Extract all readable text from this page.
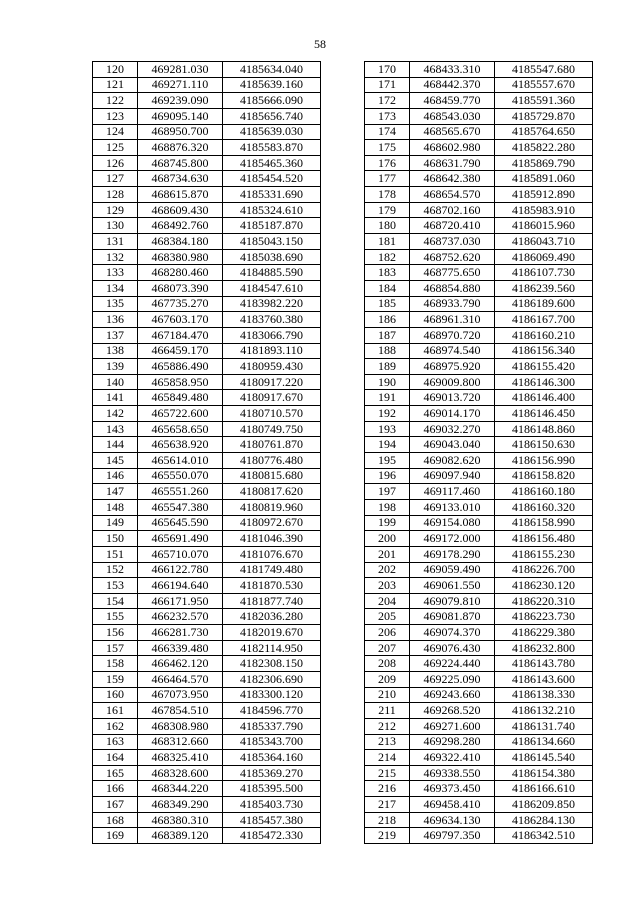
58
120	469281.030	4185634.040
121	469271.110	4185639.160
122	469239.090	4185666.090
123	469095.140	4185656.740
124	468950.700	4185639.030
125	468876.320	4185583.870
126	468745.800	4185465.360
127	468734.630	4185454.520
128	468615.870	4185331.690
129	468609.430	4185324.610
130	468492.760	4185187.870
131	468384.180	4185043.150
132	468380.980	4185038.690
133	468280.460	4184885.590
134	468073.390	4184547.610
135	467735.270	4183982.220
136	467603.170	4183760.380
137	467184.470	4183066.790
138	466459.170	4181893.110
139	465886.490	4180959.430
140	465858.950	4180917.220
141	465849.480	4180917.670
142	465722.600	4180710.570
143	465658.650	4180749.750
144	465638.920	4180761.870
145	465614.010	4180776.480
146	465550.070	4180815.680
147	465551.260	4180817.620
148	465547.380	4180819.960
149	465645.590	4180972.670
150	465691.490	4181046.390
151	465710.070	4181076.670
152	466122.780	4181749.480
153	466194.640	4181870.530
154	466171.950	4181877.740
155	466232.570	4182036.280
156	466281.730	4182019.670
157	466339.480	4182114.950
158	466462.120	4182308.150
159	466464.570	4182306.690
160	467073.950	4183300.120
161	467854.510	4184596.770
162	468308.980	4185337.790
163	468312.660	4185343.700
164	468325.410	4185364.160
165	468328.600	4185369.270
166	468344.220	4185395.500
167	468349.290	4185403.730
168	468380.310	4185457.380
169	468389.120	4185472.330
170	468433.310	4185547.680
171	468442.370	4185557.670
172	468459.770	4185591.360
173	468543.030	4185729.870
174	468565.670	4185764.650
175	468602.980	4185822.280
176	468631.790	4185869.790
177	468642.380	4185891.060
178	468654.570	4185912.890
179	468702.160	4185983.910
180	468720.410	4186015.960
181	468737.030	4186043.710
182	468752.620	4186069.490
183	468775.650	4186107.730
184	468854.880	4186239.560
185	468933.790	4186189.600
186	468961.310	4186167.700
187	468970.720	4186160.210
188	468974.540	4186156.340
189	468975.920	4186155.420
190	469009.800	4186146.300
191	469013.720	4186146.400
192	469014.170	4186146.450
193	469032.270	4186148.860
194	469043.040	4186150.630
195	469082.620	4186156.990
196	469097.940	4186158.820
197	469117.460	4186160.180
198	469133.010	4186160.320
199	469154.080	4186158.990
200	469172.000	4186156.480
201	469178.290	4186155.230
202	469059.490	4186226.700
203	469061.550	4186230.120
204	469079.810	4186220.310
205	469081.870	4186223.730
206	469074.370	4186229.380
207	469076.430	4186232.800
208	469224.440	4186143.780
209	469225.090	4186143.600
210	469243.660	4186138.330
211	469268.520	4186132.210
212	469271.600	4186131.740
213	469298.280	4186134.660
214	469322.410	4186145.540
215	469338.550	4186154.380
216	469373.450	4186166.610
217	469458.410	4186209.850
218	469634.130	4186284.130
219	469797.350	4186342.510
